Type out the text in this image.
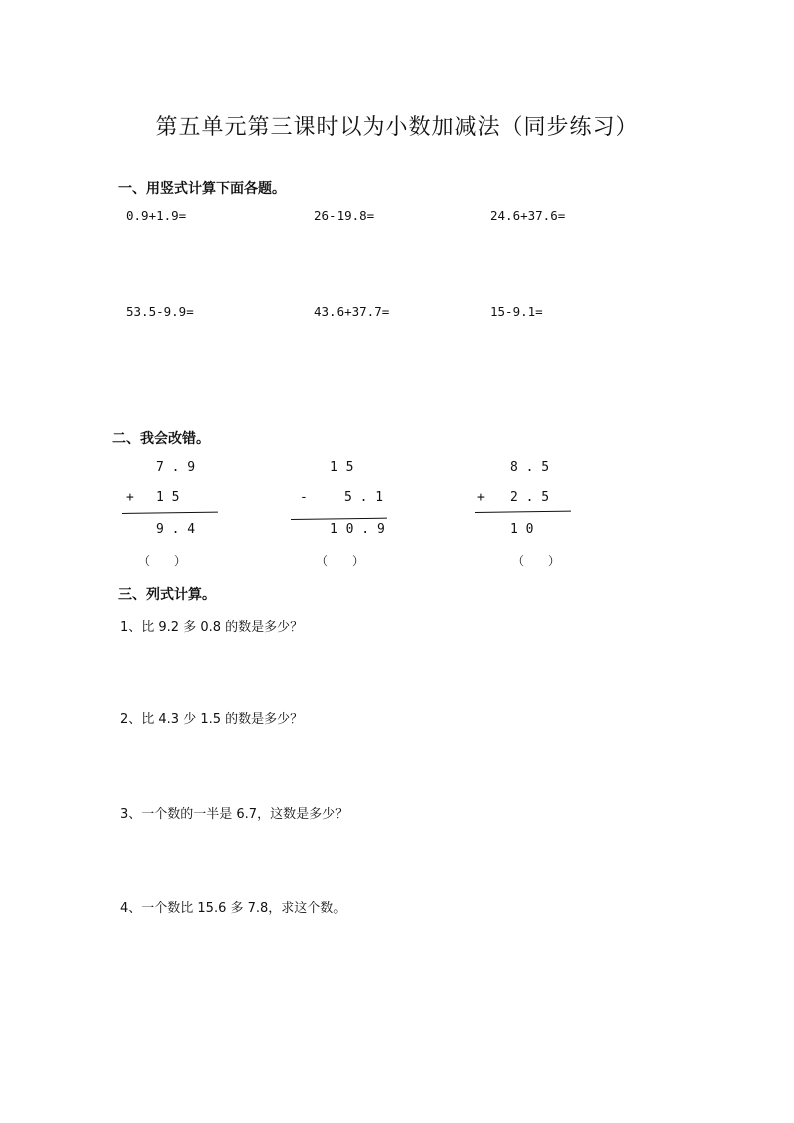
第五单元第三课时以为小数加减法（同步练习）
一、用竖式计算下面各题。
0.9+1.9=	26-19.8=	24.6+37.6=
53.5-9.9=	43.6+37.7=	15-9.1=
二、我会改错。
7 . 9
+ 1 5
9 . 4
（　　）
1 5
-	5 . 1
1 0 . 9
（　　）
8 . 5
+ 2 . 5
1 0
（　　）
三、列式计算。
1、比 9.2 多 0.8 的数是多少？
2、比 4.3 少 1.5 的数是多少？
3、一个数的一半是 6.7，这数是多少？
4、一个数比 15.6 多 7.8，求这个数。
